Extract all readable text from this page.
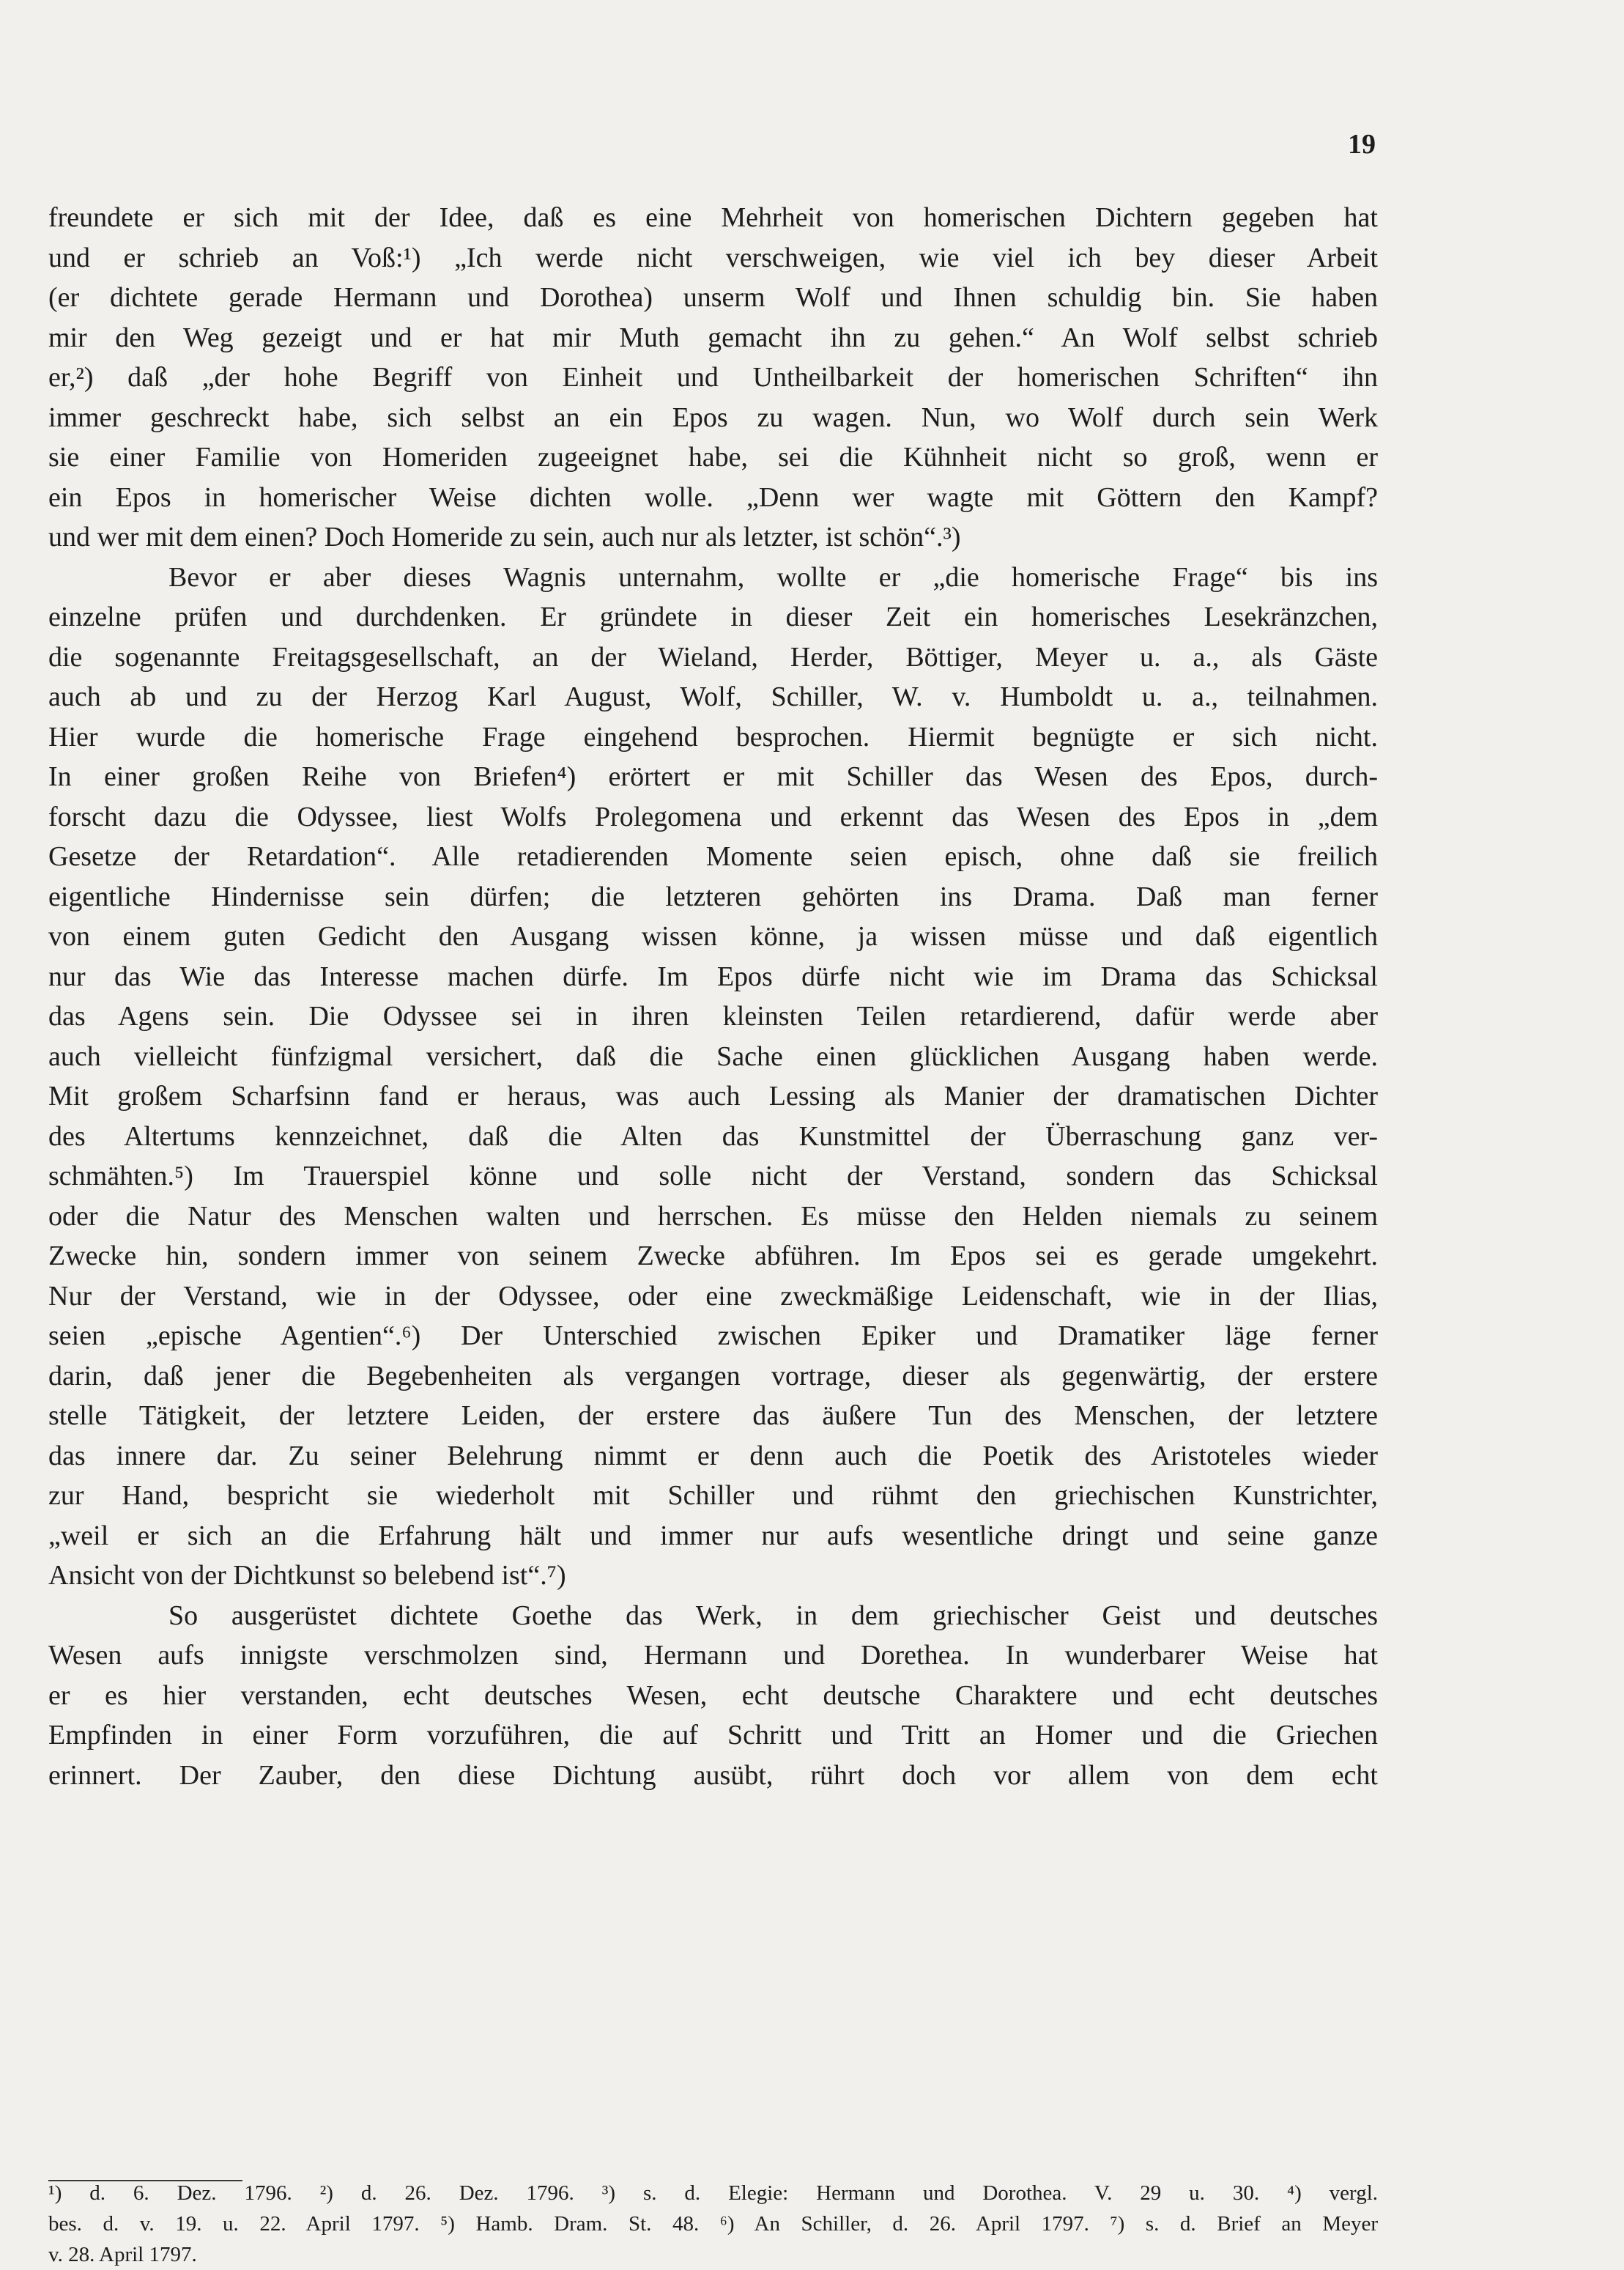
19
freundete er sich mit der Idee, daß es eine Mehrheit von homerischen Dichtern gegeben hat
und er schrieb an Voß:¹) „Ich werde nicht verschweigen, wie viel ich bey dieser Arbeit
(er dichtete gerade Hermann und Dorothea) unserm Wolf und Ihnen schuldig bin. Sie haben
mir den Weg gezeigt und er hat mir Muth gemacht ihn zu gehen.“ An Wolf selbst schrieb
er,²) daß „der hohe Begriff von Einheit und Untheilbarkeit der homerischen Schriften“ ihn
immer geschreckt habe, sich selbst an ein Epos zu wagen. Nun, wo Wolf durch sein Werk
sie einer Familie von Homeriden zugeeignet habe, sei die Kühnheit nicht so groß, wenn er
ein Epos in homerischer Weise dichten wolle. „Denn wer wagte mit Göttern den Kampf?
und wer mit dem einen? Doch Homeride zu sein, auch nur als letzter, ist schön“.³)
Bevor er aber dieses Wagnis unternahm, wollte er „die homerische Frage“ bis ins
einzelne prüfen und durchdenken. Er gründete in dieser Zeit ein homerisches Lesekränzchen,
die sogenannte Freitagsgesellschaft, an der Wieland, Herder, Böttiger, Meyer u. a., als Gäste
auch ab und zu der Herzog Karl August, Wolf, Schiller, W. v. Humboldt u. a., teilnahmen.
Hier wurde die homerische Frage eingehend besprochen. Hiermit begnügte er sich nicht.
In einer großen Reihe von Briefen⁴) erörtert er mit Schiller das Wesen des Epos, durch-
forscht dazu die Odyssee, liest Wolfs Prolegomena und erkennt das Wesen des Epos in „dem
Gesetze der Retardation“. Alle retadierenden Momente seien episch, ohne daß sie freilich
eigentliche Hindernisse sein dürfen; die letzteren gehörten ins Drama. Daß man ferner
von einem guten Gedicht den Ausgang wissen könne, ja wissen müsse und daß eigentlich
nur das Wie das Interesse machen dürfe. Im Epos dürfe nicht wie im Drama das Schicksal
das Agens sein. Die Odyssee sei in ihren kleinsten Teilen retardierend, dafür werde aber
auch vielleicht fünfzigmal versichert, daß die Sache einen glücklichen Ausgang haben werde.
Mit großem Scharfsinn fand er heraus, was auch Lessing als Manier der dramatischen Dichter
des Altertums kennzeichnet, daß die Alten das Kunstmittel der Überraschung ganz ver-
schmähten.⁵) Im Trauerspiel könne und solle nicht der Verstand, sondern das Schicksal
oder die Natur des Menschen walten und herrschen. Es müsse den Helden niemals zu seinem
Zwecke hin, sondern immer von seinem Zwecke abführen. Im Epos sei es gerade umgekehrt.
Nur der Verstand, wie in der Odyssee, oder eine zweckmäßige Leidenschaft, wie in der Ilias,
seien „epische Agentien“.⁶) Der Unterschied zwischen Epiker und Dramatiker läge ferner
darin, daß jener die Begebenheiten als vergangen vortrage, dieser als gegenwärtig, der erstere
stelle Tätigkeit, der letztere Leiden, der erstere das äußere Tun des Menschen, der letztere
das innere dar. Zu seiner Belehrung nimmt er denn auch die Poetik des Aristoteles wieder
zur Hand, bespricht sie wiederholt mit Schiller und rühmt den griechischen Kunstrichter,
„weil er sich an die Erfahrung hält und immer nur aufs wesentliche dringt und seine ganze
Ansicht von der Dichtkunst so belebend ist“.⁷)
So ausgerüstet dichtete Goethe das Werk, in dem griechischer Geist und deutsches
Wesen aufs innigste verschmolzen sind, Hermann und Dorethea. In wunderbarer Weise hat
er es hier verstanden, echt deutsches Wesen, echt deutsche Charaktere und echt deutsches
Empfinden in einer Form vorzuführen, die auf Schritt und Tritt an Homer und die Griechen
erinnert. Der Zauber, den diese Dichtung ausübt, rührt doch vor allem von dem echt
¹) d. 6. Dez. 1796. ²) d. 26. Dez. 1796. ³) s. d. Elegie: Hermann und Dorothea. V. 29 u. 30. ⁴) vergl.
bes. d. v. 19. u. 22. April 1797. ⁵) Hamb. Dram. St. 48. ⁶) An Schiller, d. 26. April 1797. ⁷) s. d. Brief an Meyer
v. 28. April 1797.
